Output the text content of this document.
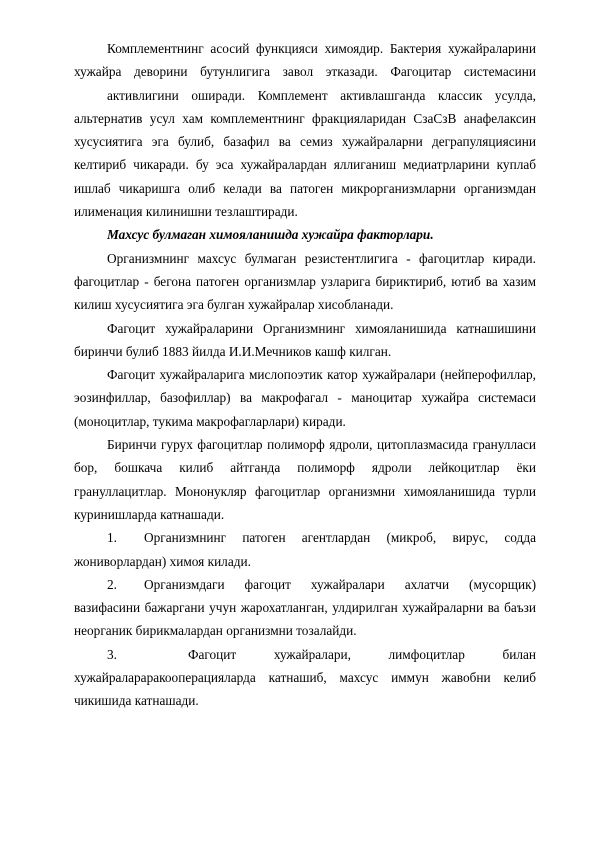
Комплементнинг асосий функцияси химоядир. Бактерия хужайраларини хужайра деворини бутунлигига завол этказади. Фагоцитар системасини

активлигини оширади. Комплемент активлашганда классик усулда, альтернатив усул хам комплементнинг фракцияларидан СзаСзВ анафелаксин хусусиятига эга булиб, базафил ва семиз хужайраларни деграпуляциясини келтириб чикаради. бу эса хужайралардан яллиганиш медиатрларини куплаб ишлаб чикаришга олиб келади ва патоген микрорганизмларни организмдан илименация килинишни тезлаштиради.

Махсус булмаган химояланишда хужайра факторлари.

Организмнинг махсус булмаган резистентлигига - фагоцитлар киради. фагоцитлар - бегона патоген организмлар узларига бириктириб, ютиб ва хазим килиш хусусиятига эга булган хужайралар хисобланади.

Фагоцит хужайраларини Организмнинг химояланишида катнашишини биринчи булиб 1883 йилда И.И.Мечников кашф килган.

Фагоцит хужайраларига мислопоэтик катор хужайралари (нейперофиллар, эозинфиллар, базофиллар) ва макрофагал - маноцитар хужайра системаси (моноцитлар, тукима макрофагларлари) киради.

Биринчи гурух фагоцитлар полиморф ядроли, цитоплазмасида гранулласи бор, бошкача килиб айтганда полиморф ядроли лейкоцитлар ёки грануллацитлар. Мононукляр фагоцитлар организмни химояланишида турли куринишларда катнашади.

1. Организмнинг патоген агентлардан (микроб, вирус, содда жониворлардан) химоя килади.

2. Организмдаги фагоцит хужайралари ахлатчи (мусорщик) вазифасини бажаргани учун жарохатланган, улдирилган хужайраларни ва баъзи неорганик бирикмалардан организмни тозалайди.

3.	Фагоцит хужайралари, лимфоцитлар билан хужайралараракооперацияларда катнашиб, махсус иммун жавобни келиб чикишида катнашади.
